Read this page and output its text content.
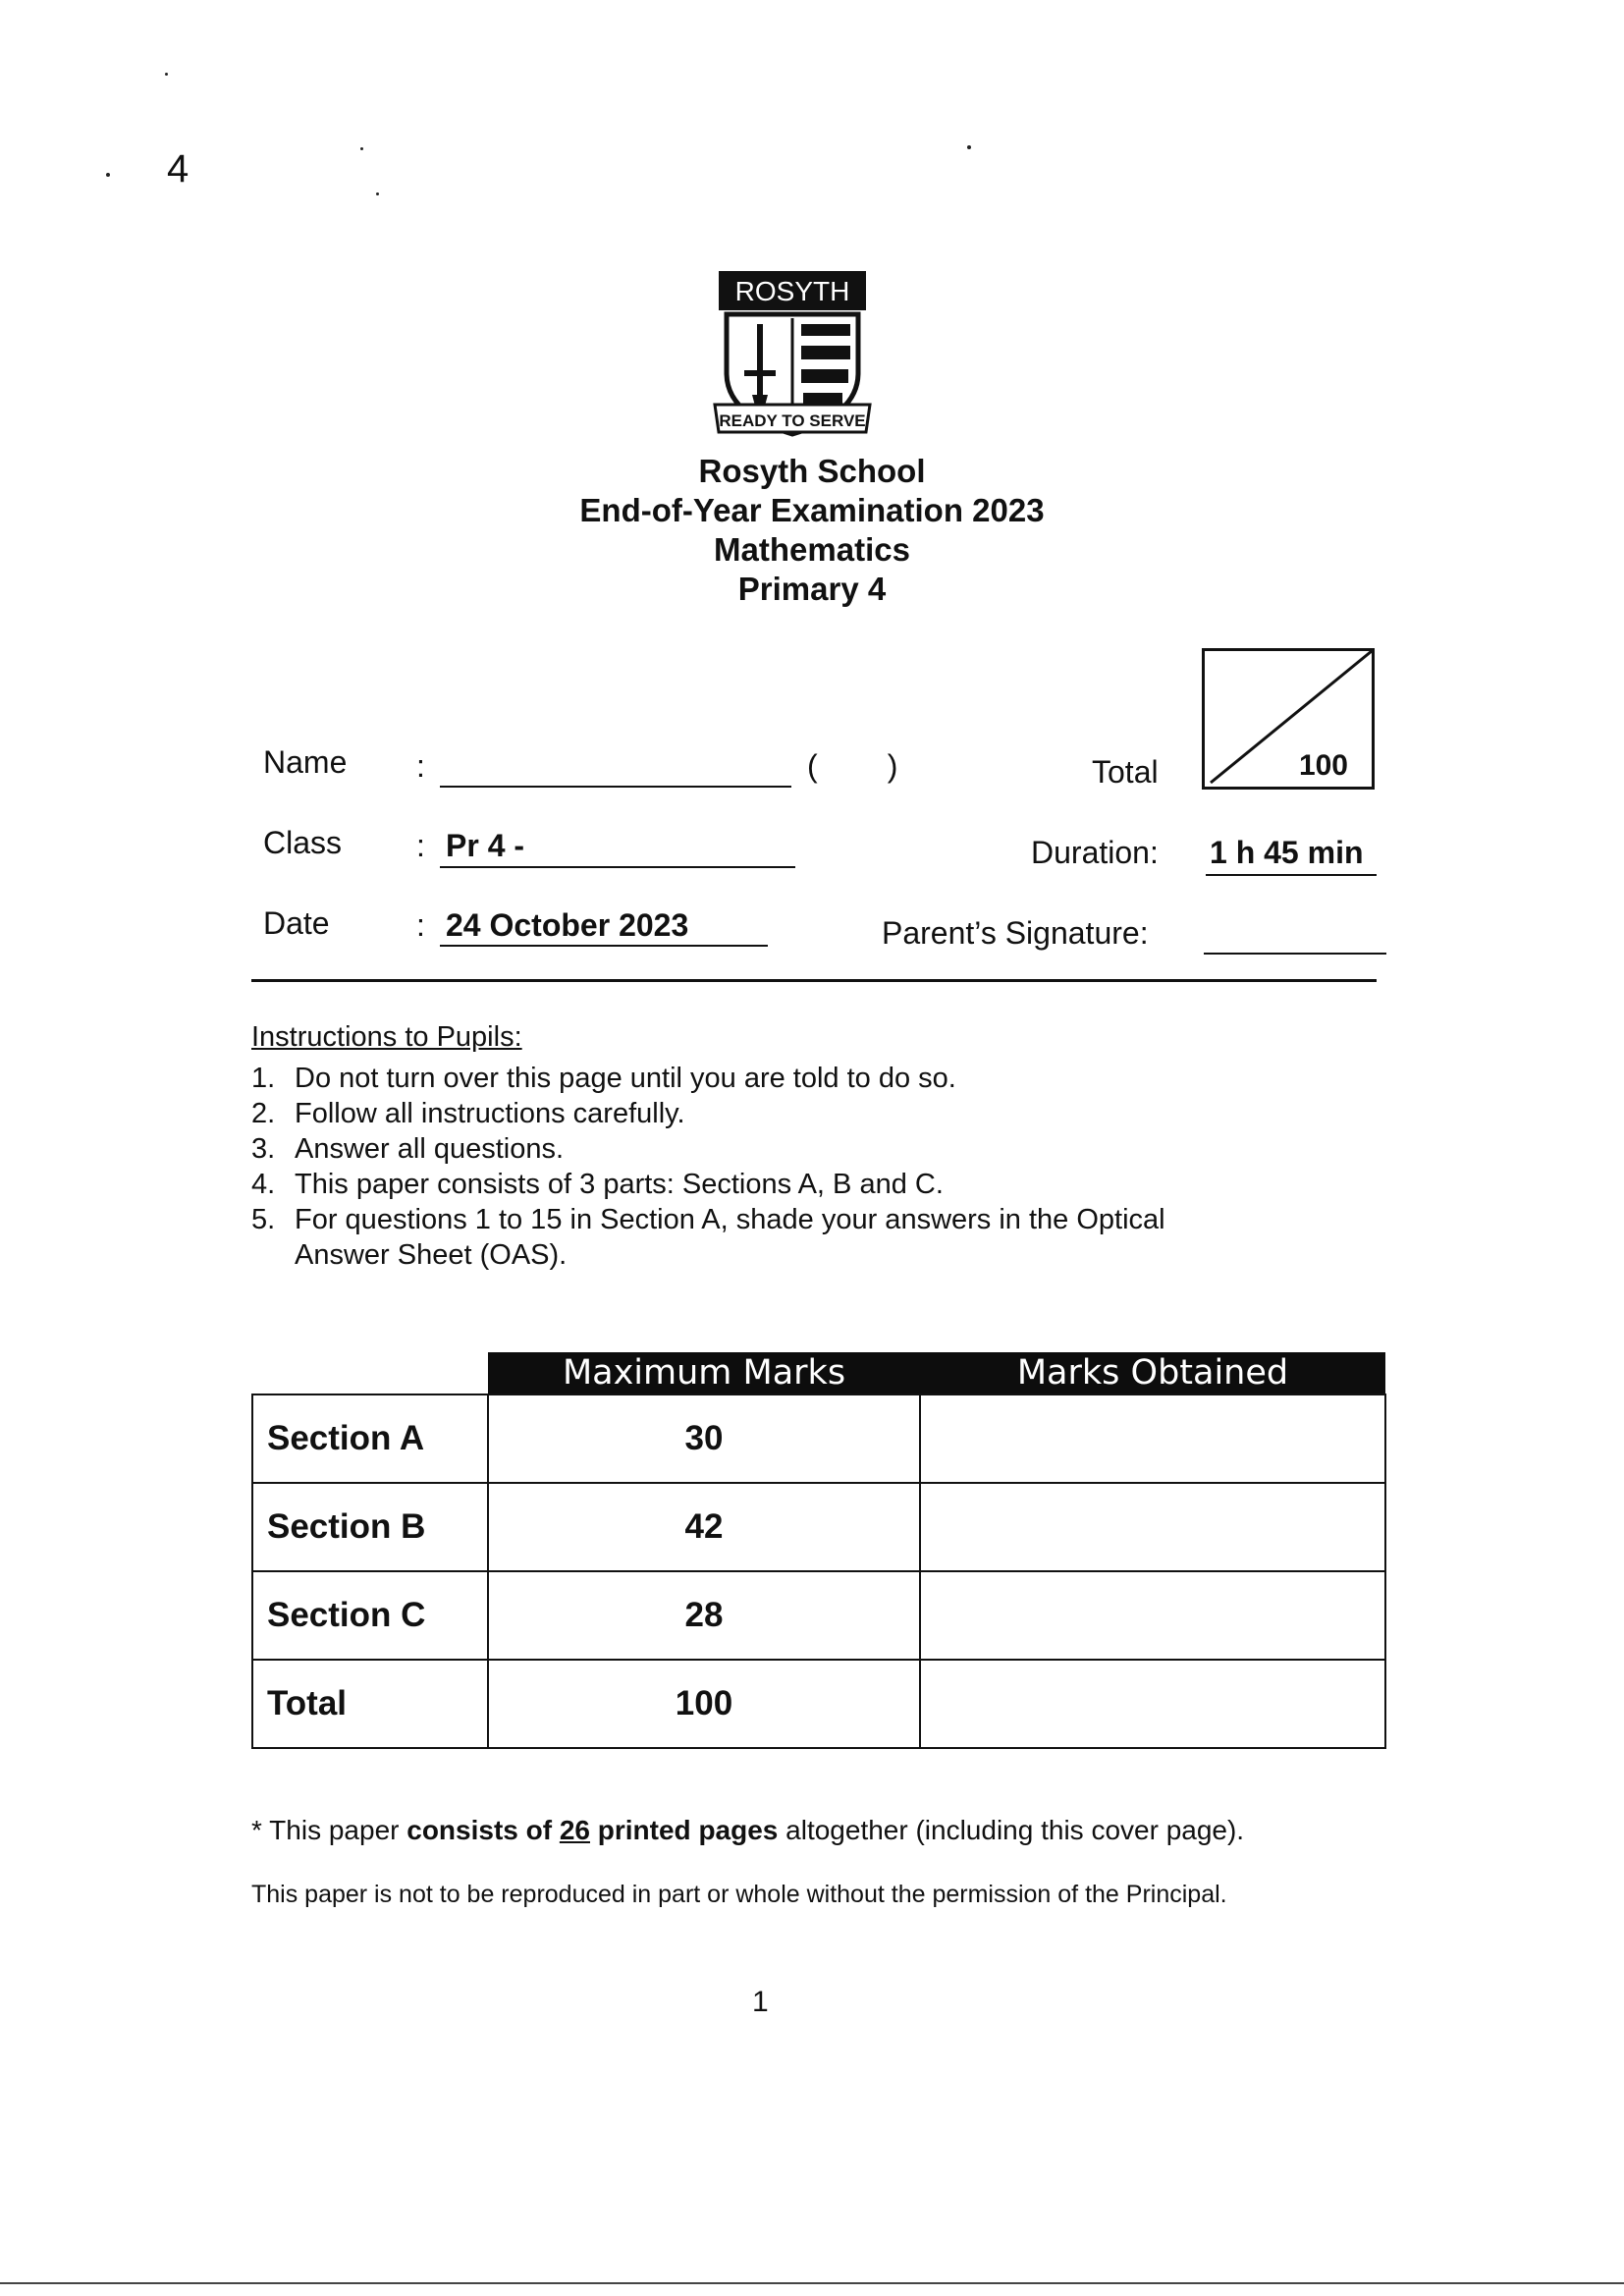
4
ROSYTH
READY TO SERVE
Rosyth School
End-of-Year Examination 2023
Mathematics
Primary 4
Name :	(        )
Class : Pr 4 -
Date	: 24 October 2023
Total	100
Duration: 1 h 45 min
Parent’s Signature:
Instructions to Pupils:
1. Do not turn over this page until you are told to do so.
2. Follow all instructions carefully.
3. Answer all questions.
4. This paper consists of 3 parts: Sections A, B and C.
5. For questions 1 to 15 in Section A, shade your answers in the Optical Answer Sheet (OAS).
	Maximum Marks	Marks Obtained
Section A	30	
Section B	42	
Section C	28	
Total	100	
* This paper consists of 26 printed pages altogether (including this cover page).
This paper is not to be reproduced in part or whole without the permission of the Principal.
1
